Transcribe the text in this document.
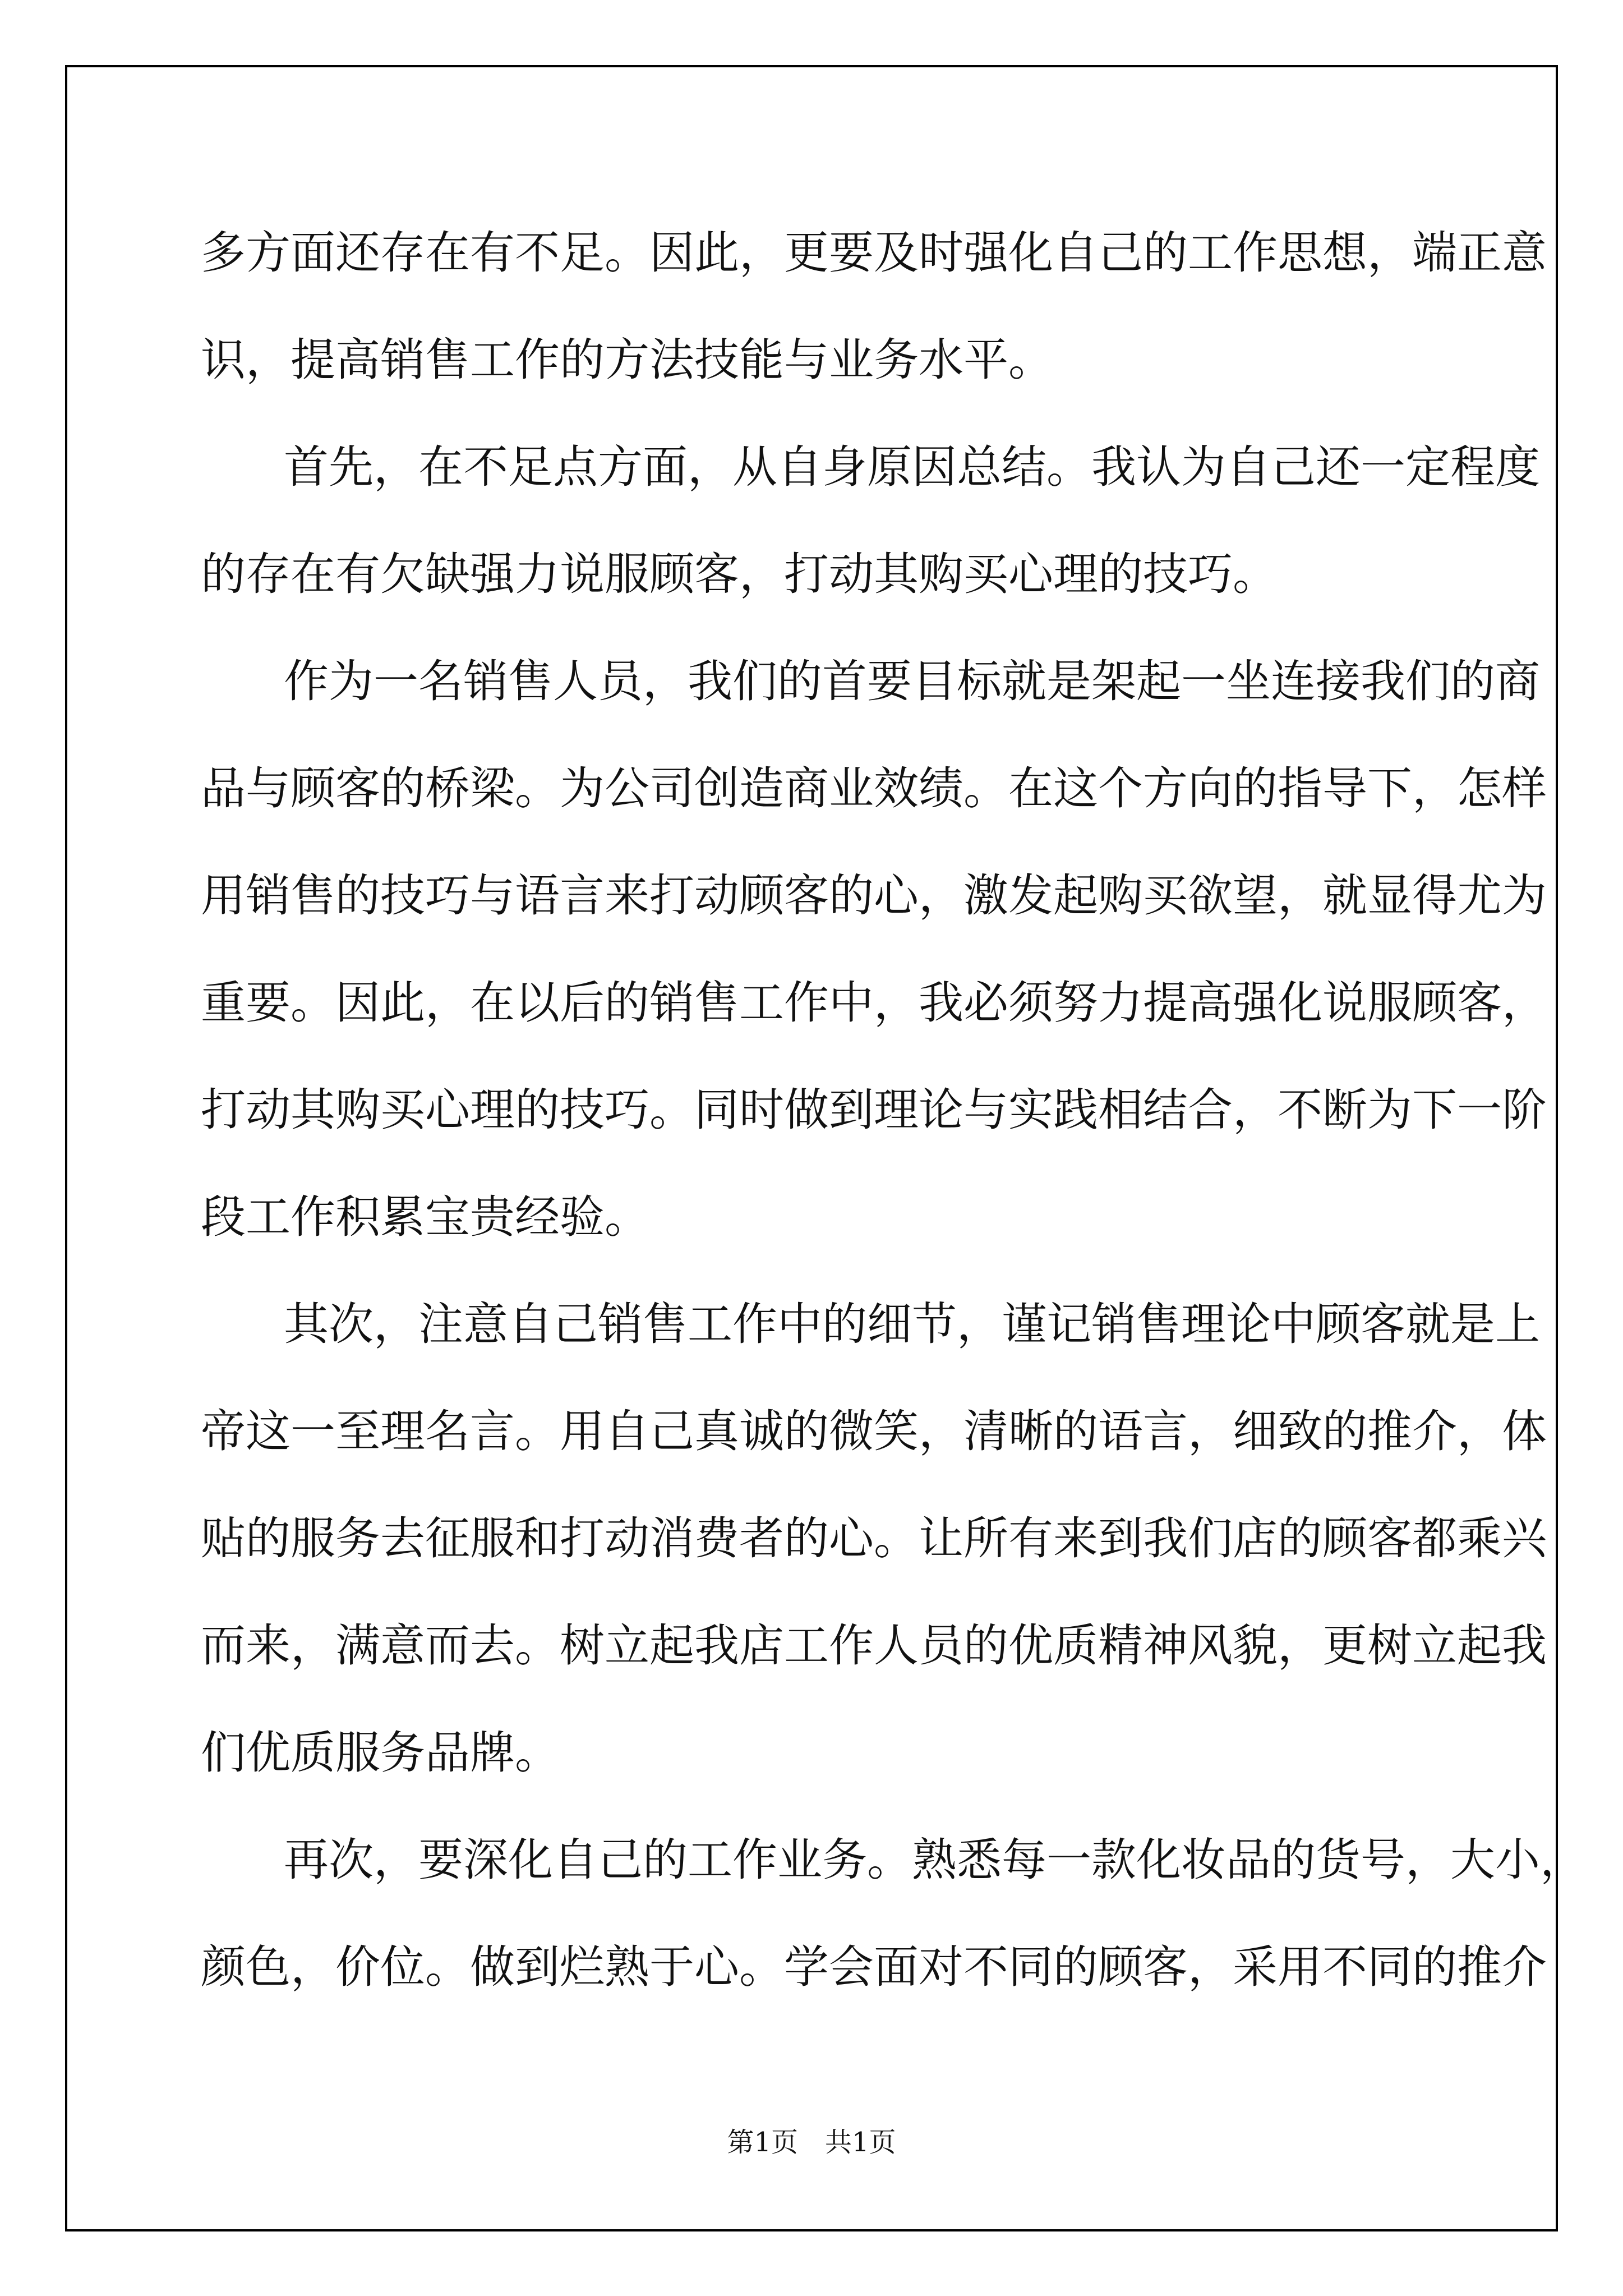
多方面还存在有不足。因此，更要及时强化自己的工作思想，端正意
识，提高销售工作的方法技能与业务水平。
首先，在不足点方面，从自身原因总结。我认为自己还一定程度
的存在有欠缺强力说服顾客，打动其购买心理的技巧。
作为一名销售人员，我们的首要目标就是架起一坐连接我们的商
品与顾客的桥梁。为公司创造商业效绩。在这个方向的指导下，怎样
用销售的技巧与语言来打动顾客的心，激发起购买欲望，就显得尤为
重要。因此，在以后的销售工作中，我必须努力提高强化说服顾客，
打动其购买心理的技巧。同时做到理论与实践相结合，不断为下一阶
段工作积累宝贵经验。
其次，注意自己销售工作中的细节，谨记销售理论中顾客就是上
帝这一至理名言。用自己真诚的微笑，清晰的语言，细致的推介，体
贴的服务去征服和打动消费者的心。让所有来到我们店的顾客都乘兴
而来，满意而去。树立起我店工作人员的优质精神风貌，更树立起我
们优质服务品牌。
再次，要深化自己的工作业务。熟悉每一款化妆品的货号，大小，
颜色，价位。做到烂熟于心。学会面对不同的顾客，采用不同的推介
第1页 共1页
